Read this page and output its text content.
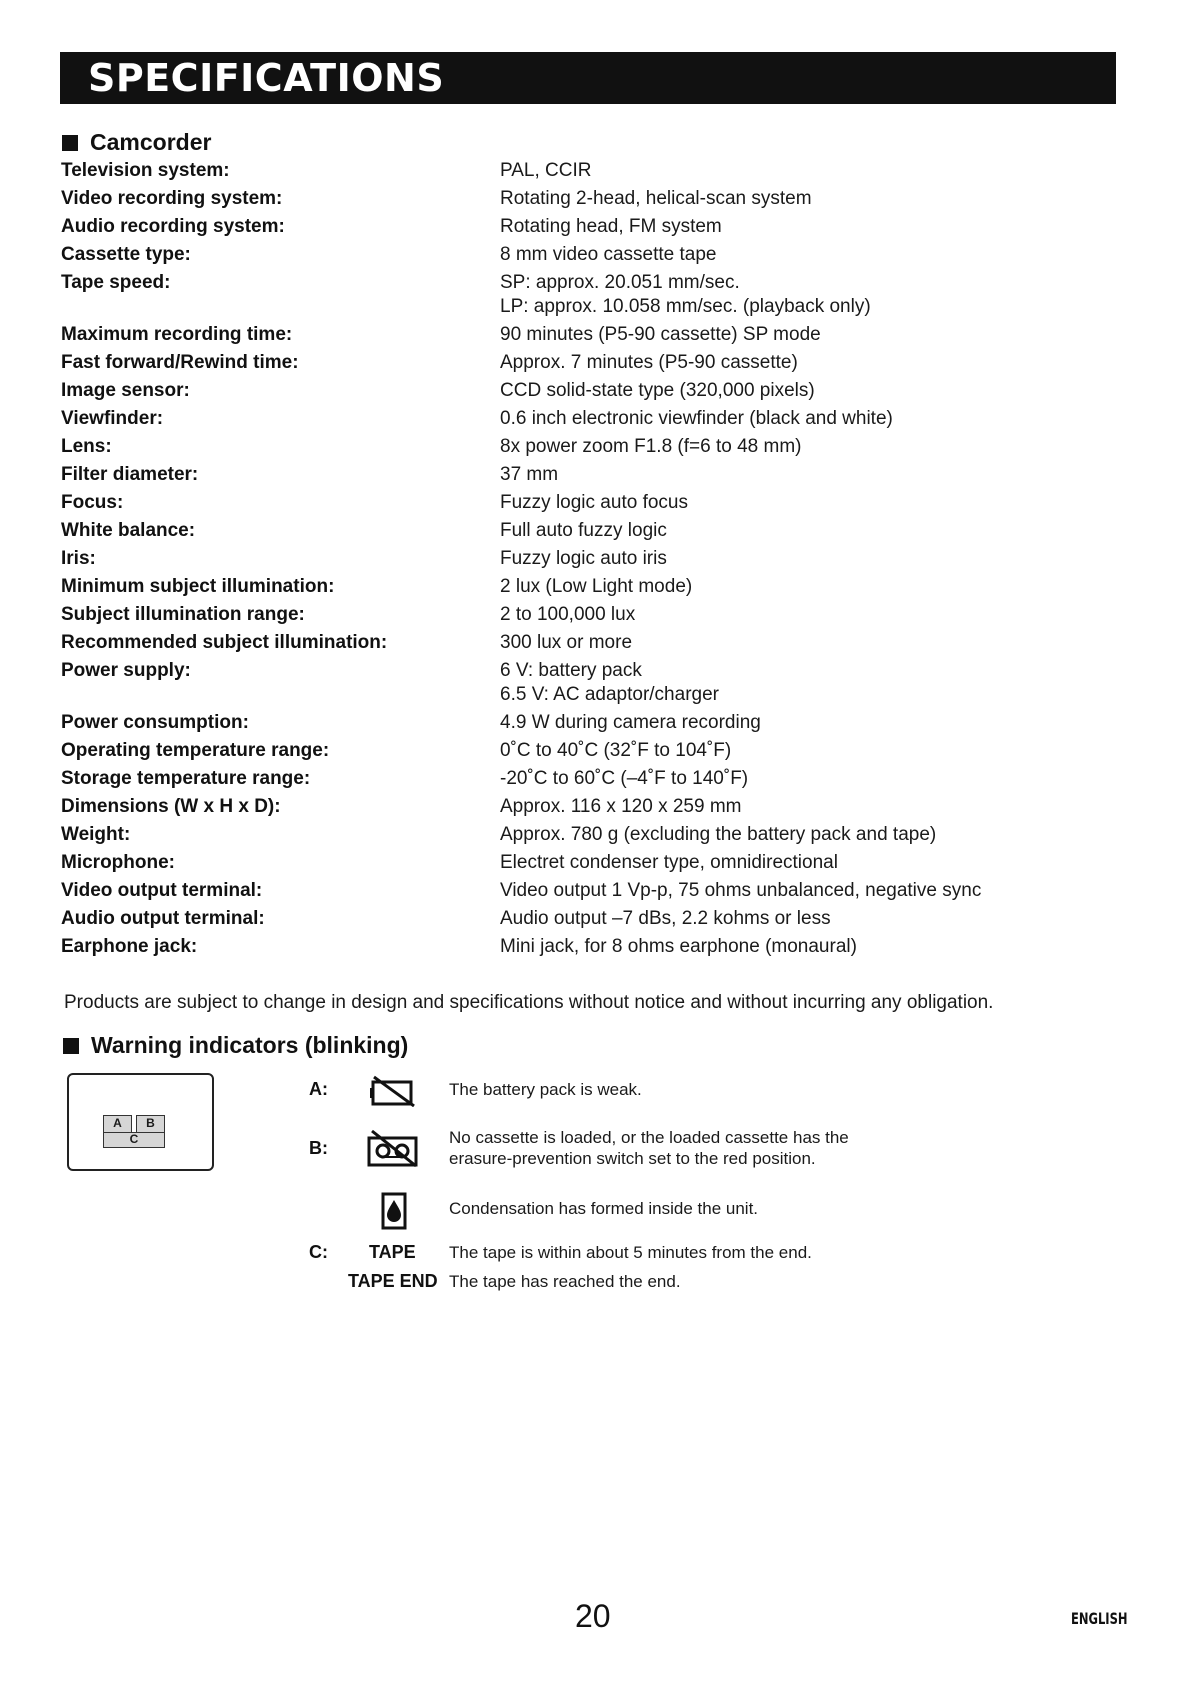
SPECIFICATIONS
Camcorder
Television system:	PAL, CCIR
Video recording system:	Rotating 2-head, helical-scan system
Audio recording system:	Rotating head, FM system
Cassette type:	8 mm video cassette tape
Tape speed:	SP: approx. 20.051 mm/sec.
LP: approx. 10.058 mm/sec. (playback only)
Maximum recording time:	90 minutes (P5-90 cassette) SP mode
Fast forward/Rewind time:	Approx. 7 minutes (P5-90 cassette)
Image sensor:	CCD solid-state type (320,000 pixels)
Viewfinder:	0.6 inch electronic viewfinder (black and white)
Lens:	8x power zoom F1.8 (f=6 to 48 mm)
Filter diameter:	37 mm
Focus:	Fuzzy logic auto focus
White balance:	Full auto fuzzy logic
Iris:	Fuzzy logic auto iris
Minimum subject illumination:	2 lux (Low Light mode)
Subject illumination range:	2 to 100,000 lux
Recommended subject illumination:	300 lux or more
Power supply:	6 V: battery pack
6.5 V: AC adaptor/charger
Power consumption:	4.9 W during camera recording
Operating temperature range:	0˚C to 40˚C (32˚F to 104˚F)
Storage temperature range:	-20˚C to 60˚C (–4˚F to 140˚F)
Dimensions (W x H x D):	Approx. 116 x 120 x 259 mm
Weight:	Approx. 780 g (excluding the battery pack and tape)
Microphone:	Electret condenser type, omnidirectional
Video output terminal:	Video output 1 Vp-p, 75 ohms unbalanced, negative sync
Audio output terminal:	Audio output –7 dBs, 2.2 kohms or less
Earphone jack:	Mini jack, for 8 ohms earphone (monaural)
Products are subject to change in design and specifications without notice and without incurring any obligation.
Warning indicators (blinking)
A	B
C
A:	The battery pack is weak.
B:
No cassette is loaded, or the loaded cassette has the
erasure-prevention switch set to the red position.
Condensation has formed inside the unit.
C: TAPE The tape is within about 5 minutes from the end.
TAPE END The tape has reached the end.
20	ENGLISH
